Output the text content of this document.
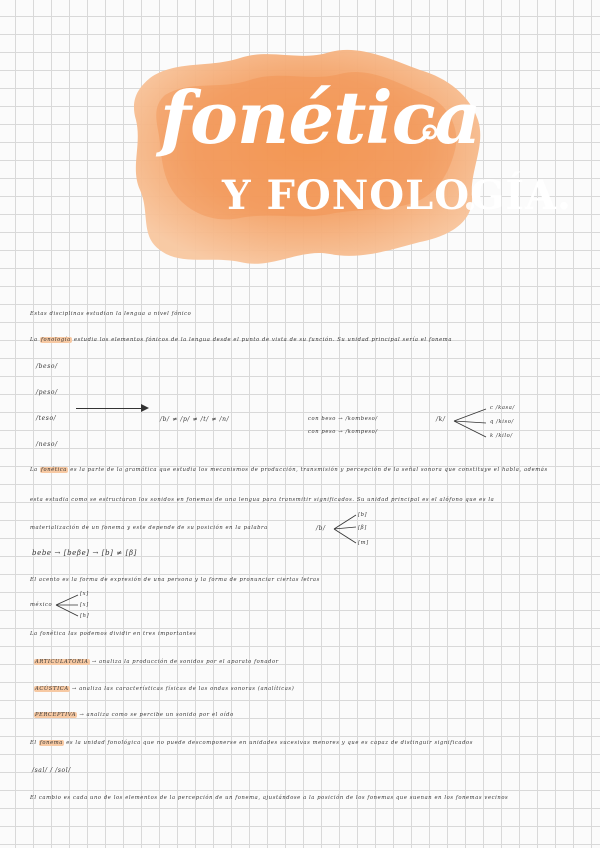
fonética
Y FONOLOGÍA.
Estas disciplinas estudian la lengua a nivel fónico
La fonología estudia los elementos fónicos de la lengua desde el punto de vista de su función. Su unidad principal sería el fonema
/beso/
/peso/
/teso/
/neso/
/b/ ≠ /p/ ≠ /t/ ≠ /n/	con beso → /kombeso/
con peso → /kompeso/
/k/
c /kasa/
q /kiso/
k /kilo/
La fonética es la parte de la gramática que estudia los mecanismos de producción, transmisión y percepción de la señal sonora que constituye el habla, además
esta estudia como se estructuran los sonidos en fonemas de una lengua para transmitir significados. Su unidad principal es el alófono que es la
materialización de un fonema y este depende de su posición en la palabra	/b/
[b]
[β]
[m]
bebe → [beβe] → [b] ≠ [β]
El acento es la forma de expresión de una persona y la forma de pronunciar ciertas letras
méxico
[x]
[x]
[h]
La fonética las podemos dividir en tres importantes
ARTICULATORIA → analiza la producción de sonidos por el aparato fonador
ACÚSTICA → analiza las características físicas de las ondas sonoras (analíticas)
PERCEPTIVA → analiza como se percibe un sonido por el oído
El fonema es la unidad fonológica que no puede descomponerse en unidades sucesivas menores y que es capaz de distinguir significados
/sal/ / /sol/
El cambio es cada uno de los elementos de la percepción de un fonema, ajustándose a la posición de los fonemas que suenan en los fonemas vecinos
